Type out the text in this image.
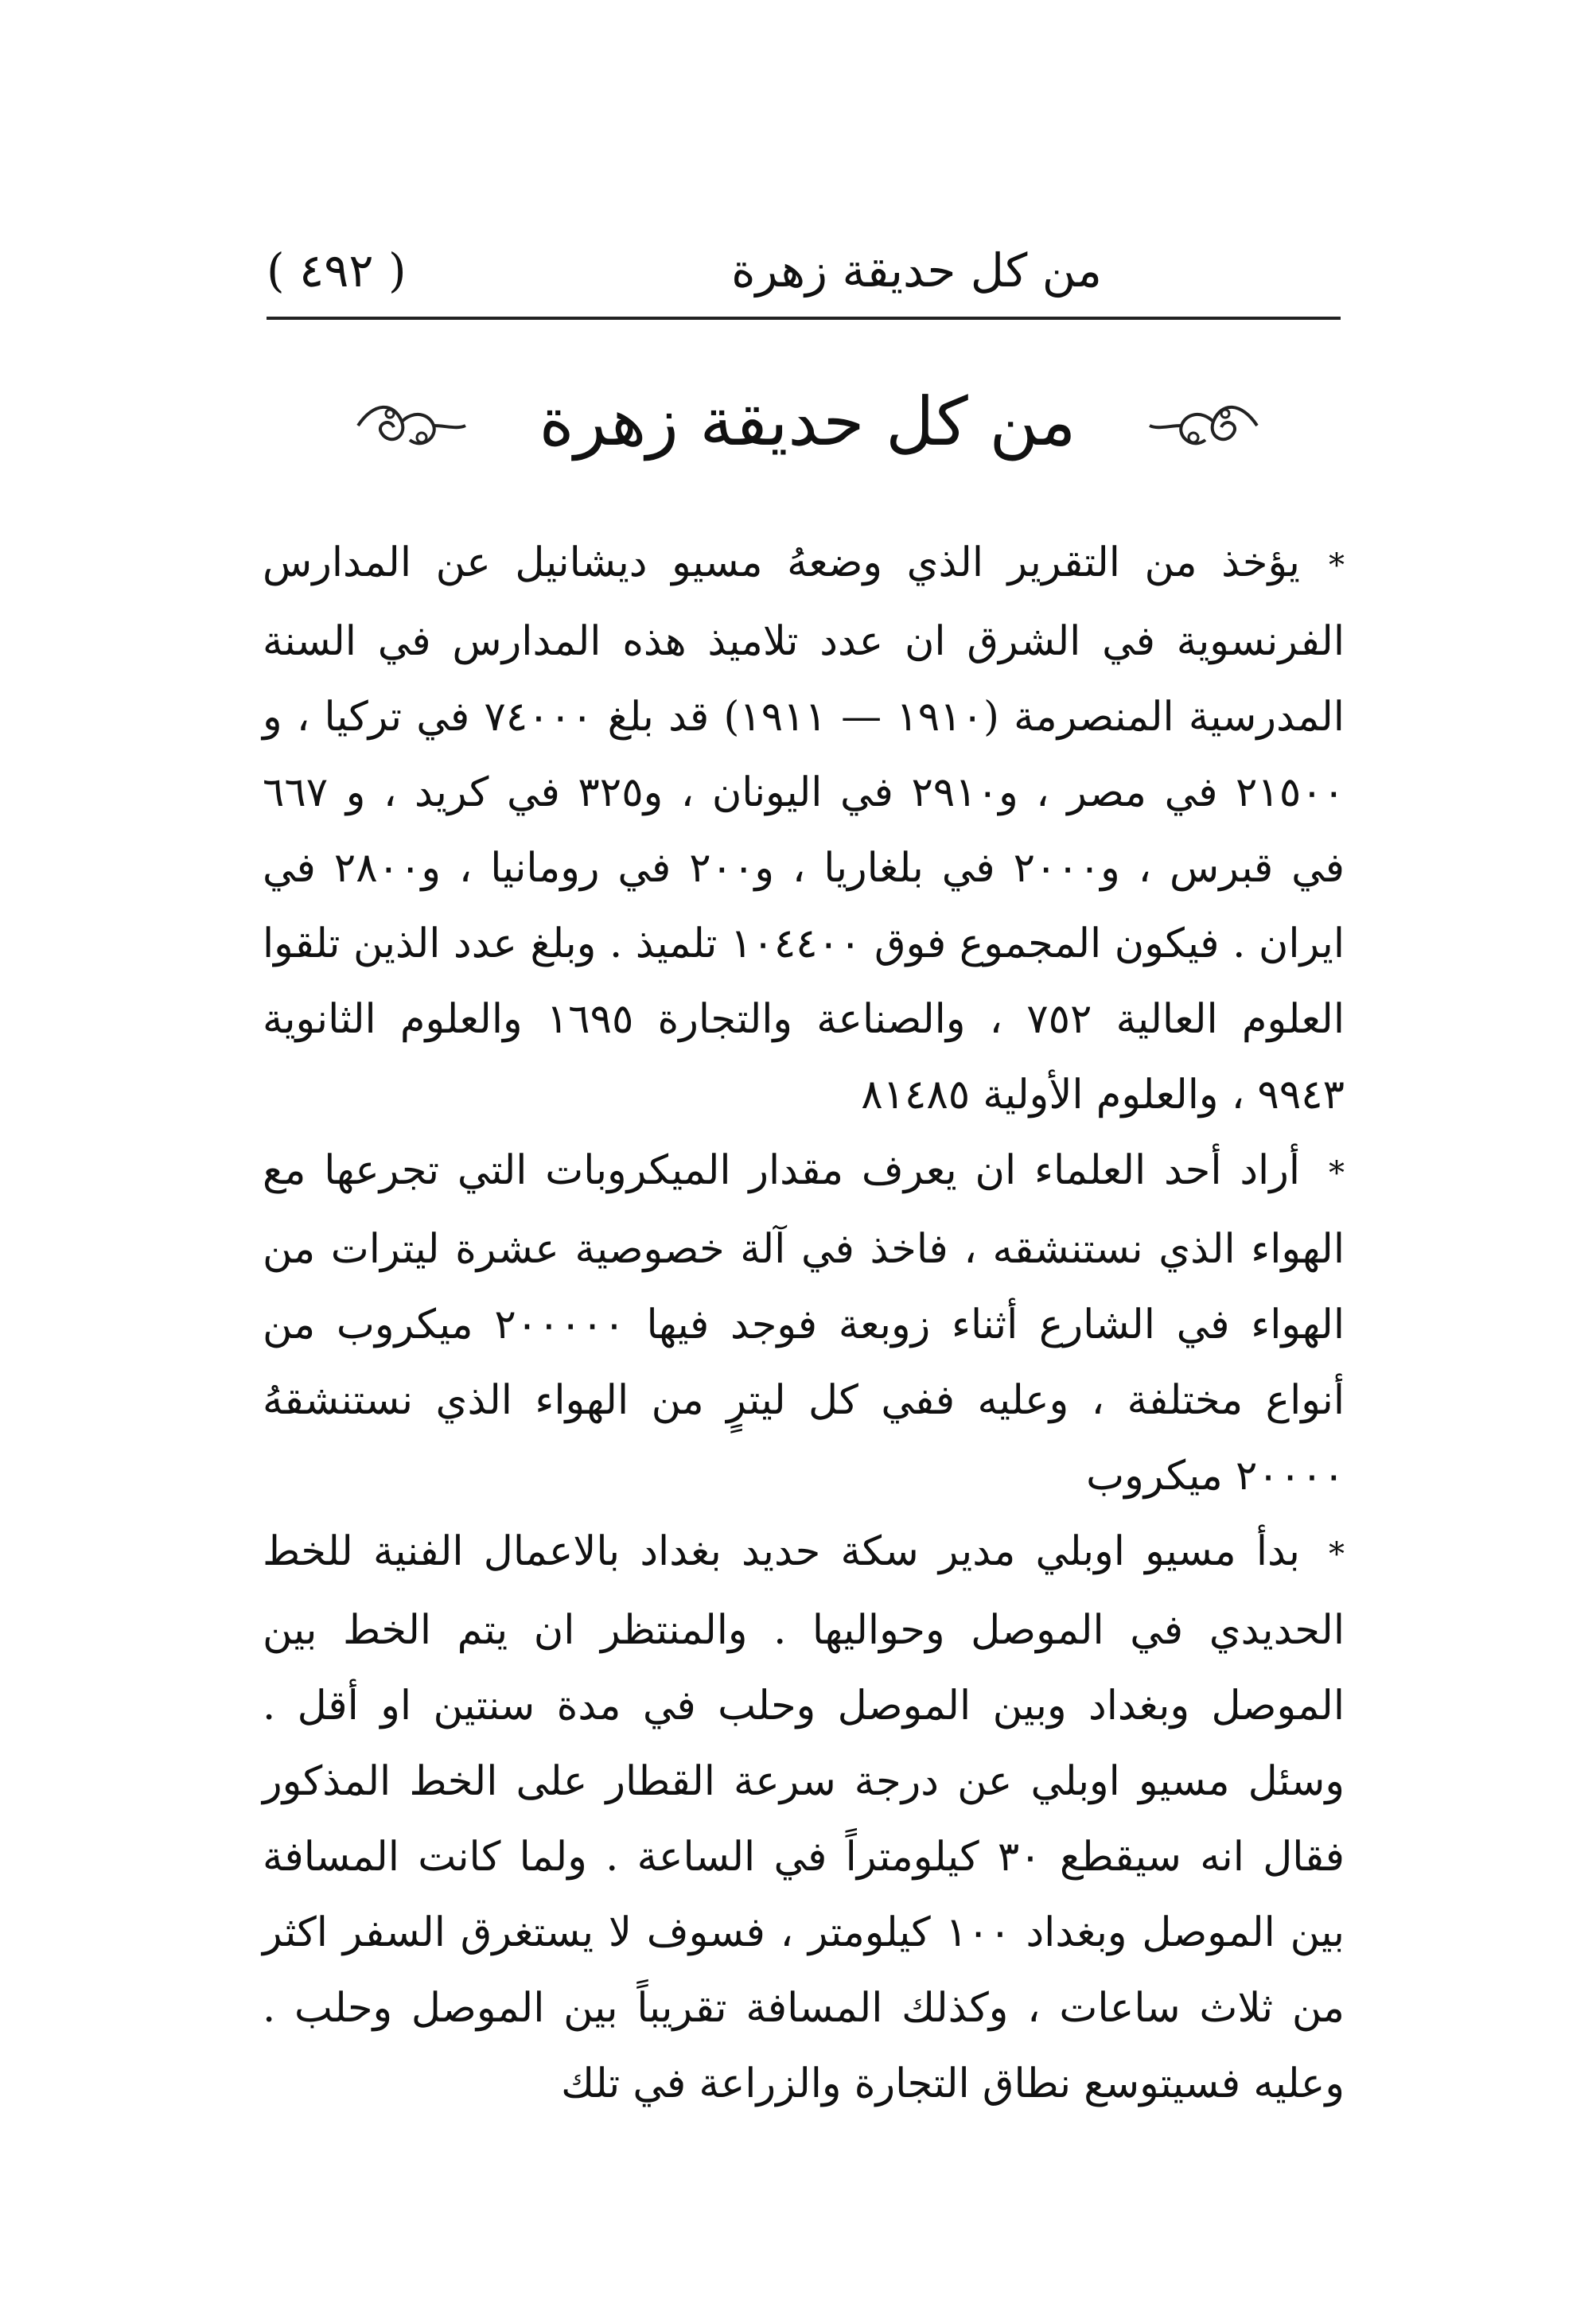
من كل حديقة زهرة
( ٤٩٢ )
من كل حديقة زهرة

*يؤخذ من التقرير الذي وضعهُ مسيو ديشانيل عن المدارس الفرنسوية في الشرق ان عدد تلاميذ هذه المدارس في السنة المدرسية المنصرمة (١٩١٠ — ١٩١١) قد بلغ ٧٤٠٠٠ في تركيا ، و ٢١٥٠٠ في مصر ، و٢٩١٠ في اليونان ، و٣٢٥ في كريد ، و ٦٦٧ في قبرس ، و٢٠٠٠ في بلغاريا ، و٢٠٠ في رومانيا ، و٢٨٠٠ في ايران . فيكون المجموع فوق ١٠٤٤٠٠ تلميذ . وبلغ عدد الذين تلقوا العلوم العالية ٧٥٢ ، والصناعة والتجارة ١٦٩٥ والعلوم الثانوية ٩٩٤٣ ، والعلوم الأولية ٨١٤٨٥

*أراد أحد العلماء ان يعرف مقدار الميكروبات التي تجرعها مع الهواء الذي نستنشقه ، فاخذ في آلة خصوصية عشرة ليترات من الهواء في الشارع أثناء زوبعة فوجد فيها ٢٠٠٠٠٠ ميكروب من أنواع مختلفة ، وعليه ففي كل ليترٍ من الهواء الذي نستنشقهُ ٢٠٠٠٠ ميكروب

*بدأ مسيو اوبلي مدير سكة حديد بغداد بالاعمال الفنية للخط الحديدي في الموصل وحواليها . والمنتظر ان يتم الخط بين الموصل وبغداد وبين الموصل وحلب في مدة سنتين او أقل . وسئل مسيو اوبلي عن درجة سرعة القطار على الخط المذكور فقال انه سيقطع ٣٠ كيلومتراً في الساعة . ولما كانت المسافة بين الموصل وبغداد ١٠٠ كيلومتر ، فسوف لا يستغرق السفر اكثر من ثلاث ساعات ، وكذلك المسافة تقريباً بين الموصل وحلب . وعليه فسيتوسع نطاق التجارة والزراعة في تلك
